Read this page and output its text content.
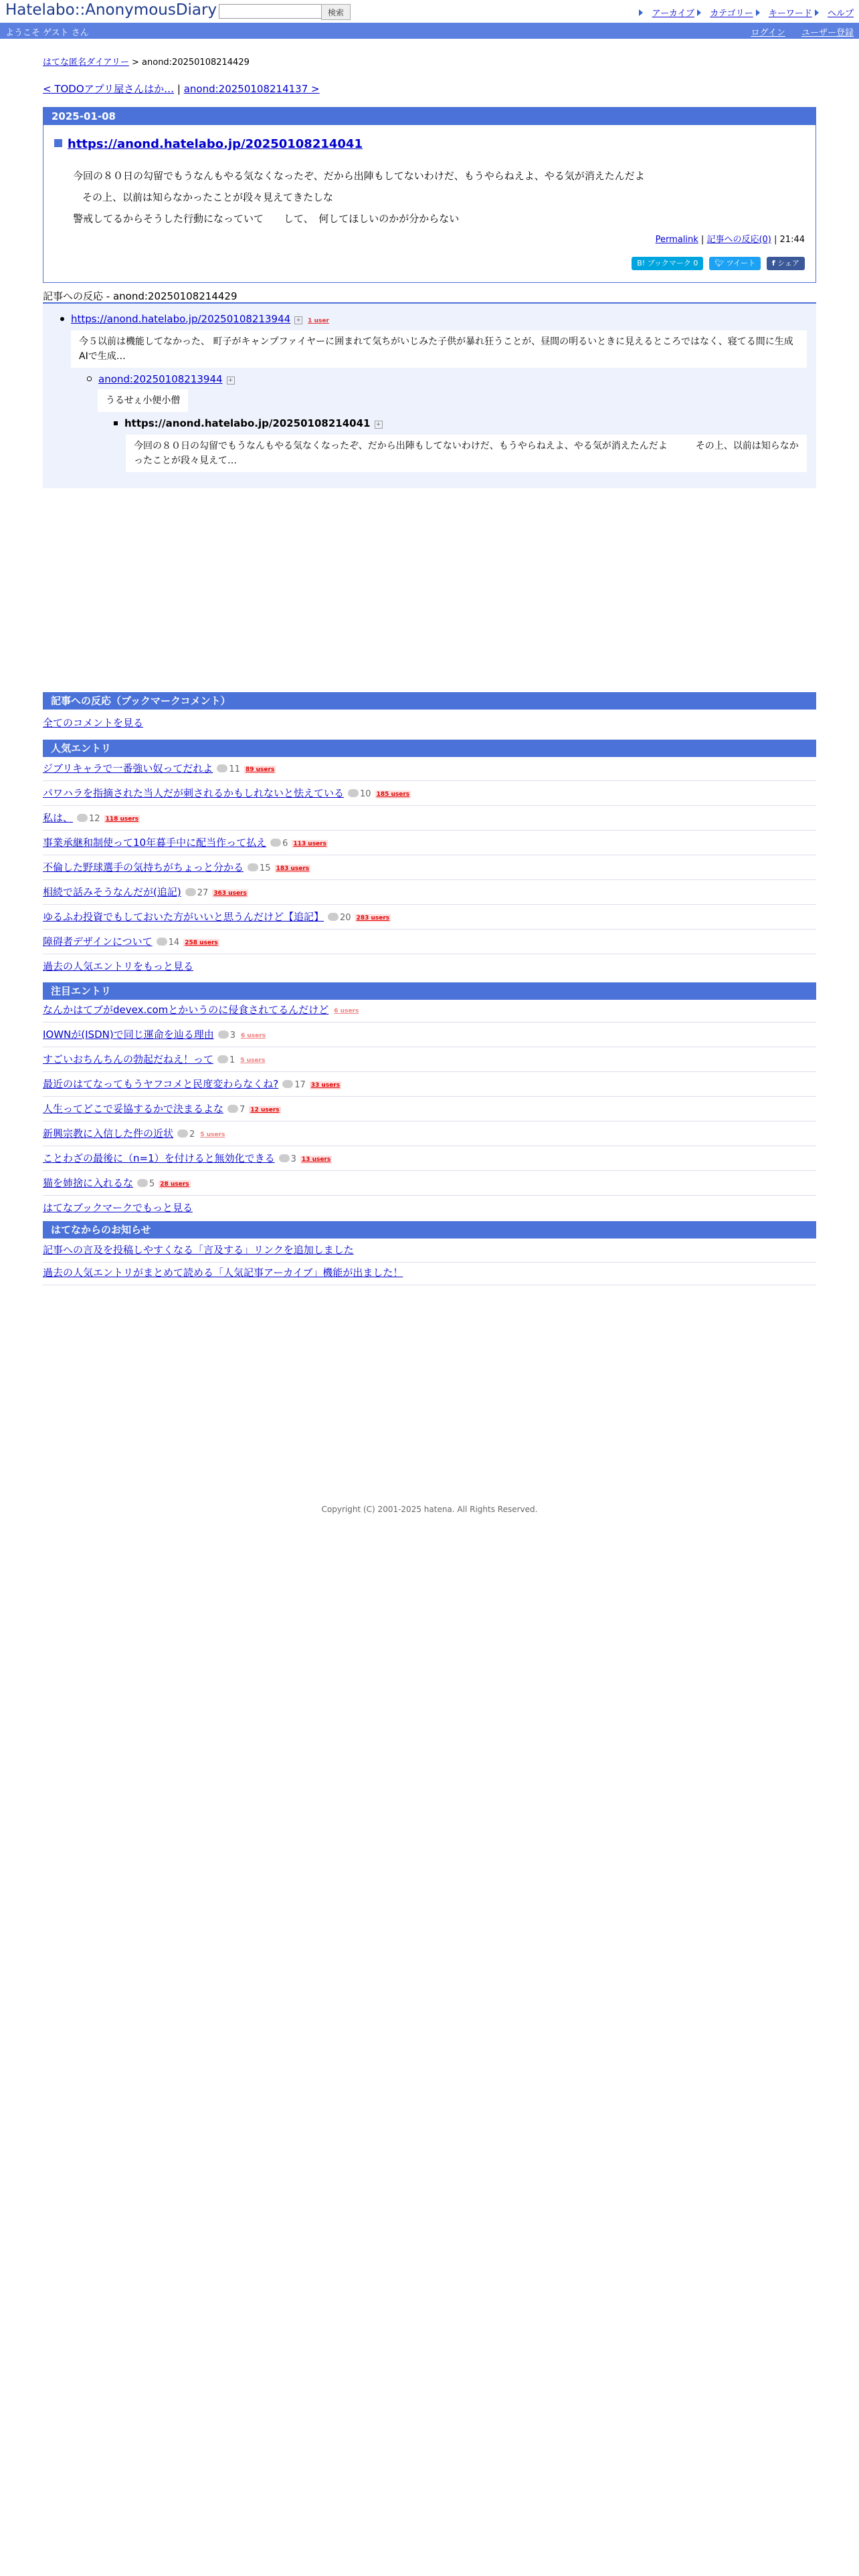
Hatelabo::AnonymousDiary	検索	アーカイブ カテゴリー キーワード ヘルプ
ようこそ ゲスト さん	ログイン ユーザー登録
はてな匿名ダイアリー > anond:20250108214429
< TODOアプリ屋さんはか… | anond:20250108214137 >
2025-01-08
https://anond.hatelabo.jp/20250108214041
今回の８０日の勾留でもうなんもやる気なくなったぞ、だから出陣もしてないわけだ、もうやらねえよ、やる気が消えたんだよ
その上、以前は知らなかったことが段々見えてきたしな
警戒してるからそうした行動になっていて　　して、　何してほしいのかが分からない
Permalink | 記事への反応(0) | 21:44
B! ブックマーク 0 🐦︎ ツイート f シェア
記事への反応 - anond:20250108214429
https://anond.hatelabo.jp/20250108213944 + 1 user
今５以前は機能してなかった、 町子がキャンプファイヤーに囲まれて気ちがいじみた子供が暴れ狂うことが、昼間の明るいときに見えるところではなく、寝てる間に生成AIで生成…
anond:20250108213944 +
うるせぇ小便小僧
https://anond.hatelabo.jp/20250108214041 +
今回の８０日の勾留でもうなんもやる気なくなったぞ、だから出陣もしてないわけだ、もうやらねえよ、やる気が消えたんだよ　　　その上、以前は知らなかったことが段々見えて…
記事への反応（ブックマークコメント）
全てのコメントを見る
人気エントリ
ジブリキャラで一番強い奴ってだれよ 11 89 users
パワハラを指摘された当人だが刺されるかもしれないと怯えている 10 185 users
私は、 12 118 users
事業承継和制使って10年暮手中に配当作って払え 6 113 users
不倫した野球選手の気持ちがちょっと分かる 15 183 users
相続で話みそうなんだが(追記) 27 363 users
ゆるふわ投資でもしておいた方がいいと思うんだけど【追記】 20 283 users
障碍者デザインについて 14 258 users
過去の人気エントリをもっと見る
注目エントリ
なんかはてブがdevex.comとかいうのに侵食されてるんだけど 6 users
IOWNが(ISDN)で同じ運命を辿る理由 3 6 users
すごいおちんちんの勃起だねえ！って 1 5 users
最近のはてなってもうヤフコメと民度変わらなくね? 17 33 users
人生ってどこで妥協するかで決まるよな 7 12 users
新興宗教に入信した件の近状 2 5 users
ことわざの最後に（n=1）を付けると無効化できる 3 13 users
猫を姉捨に入れるな 5 28 users
はてなブックマークでもっと見る
はてなからのお知らせ
記事への言及を投稿しやすくなる「言及する」リンクを追加しました
過去の人気エントリがまとめて読める「人気記事アーカイブ」機能が出ました！
Copyright (C) 2001-2025 hatena. All Rights Reserved.
